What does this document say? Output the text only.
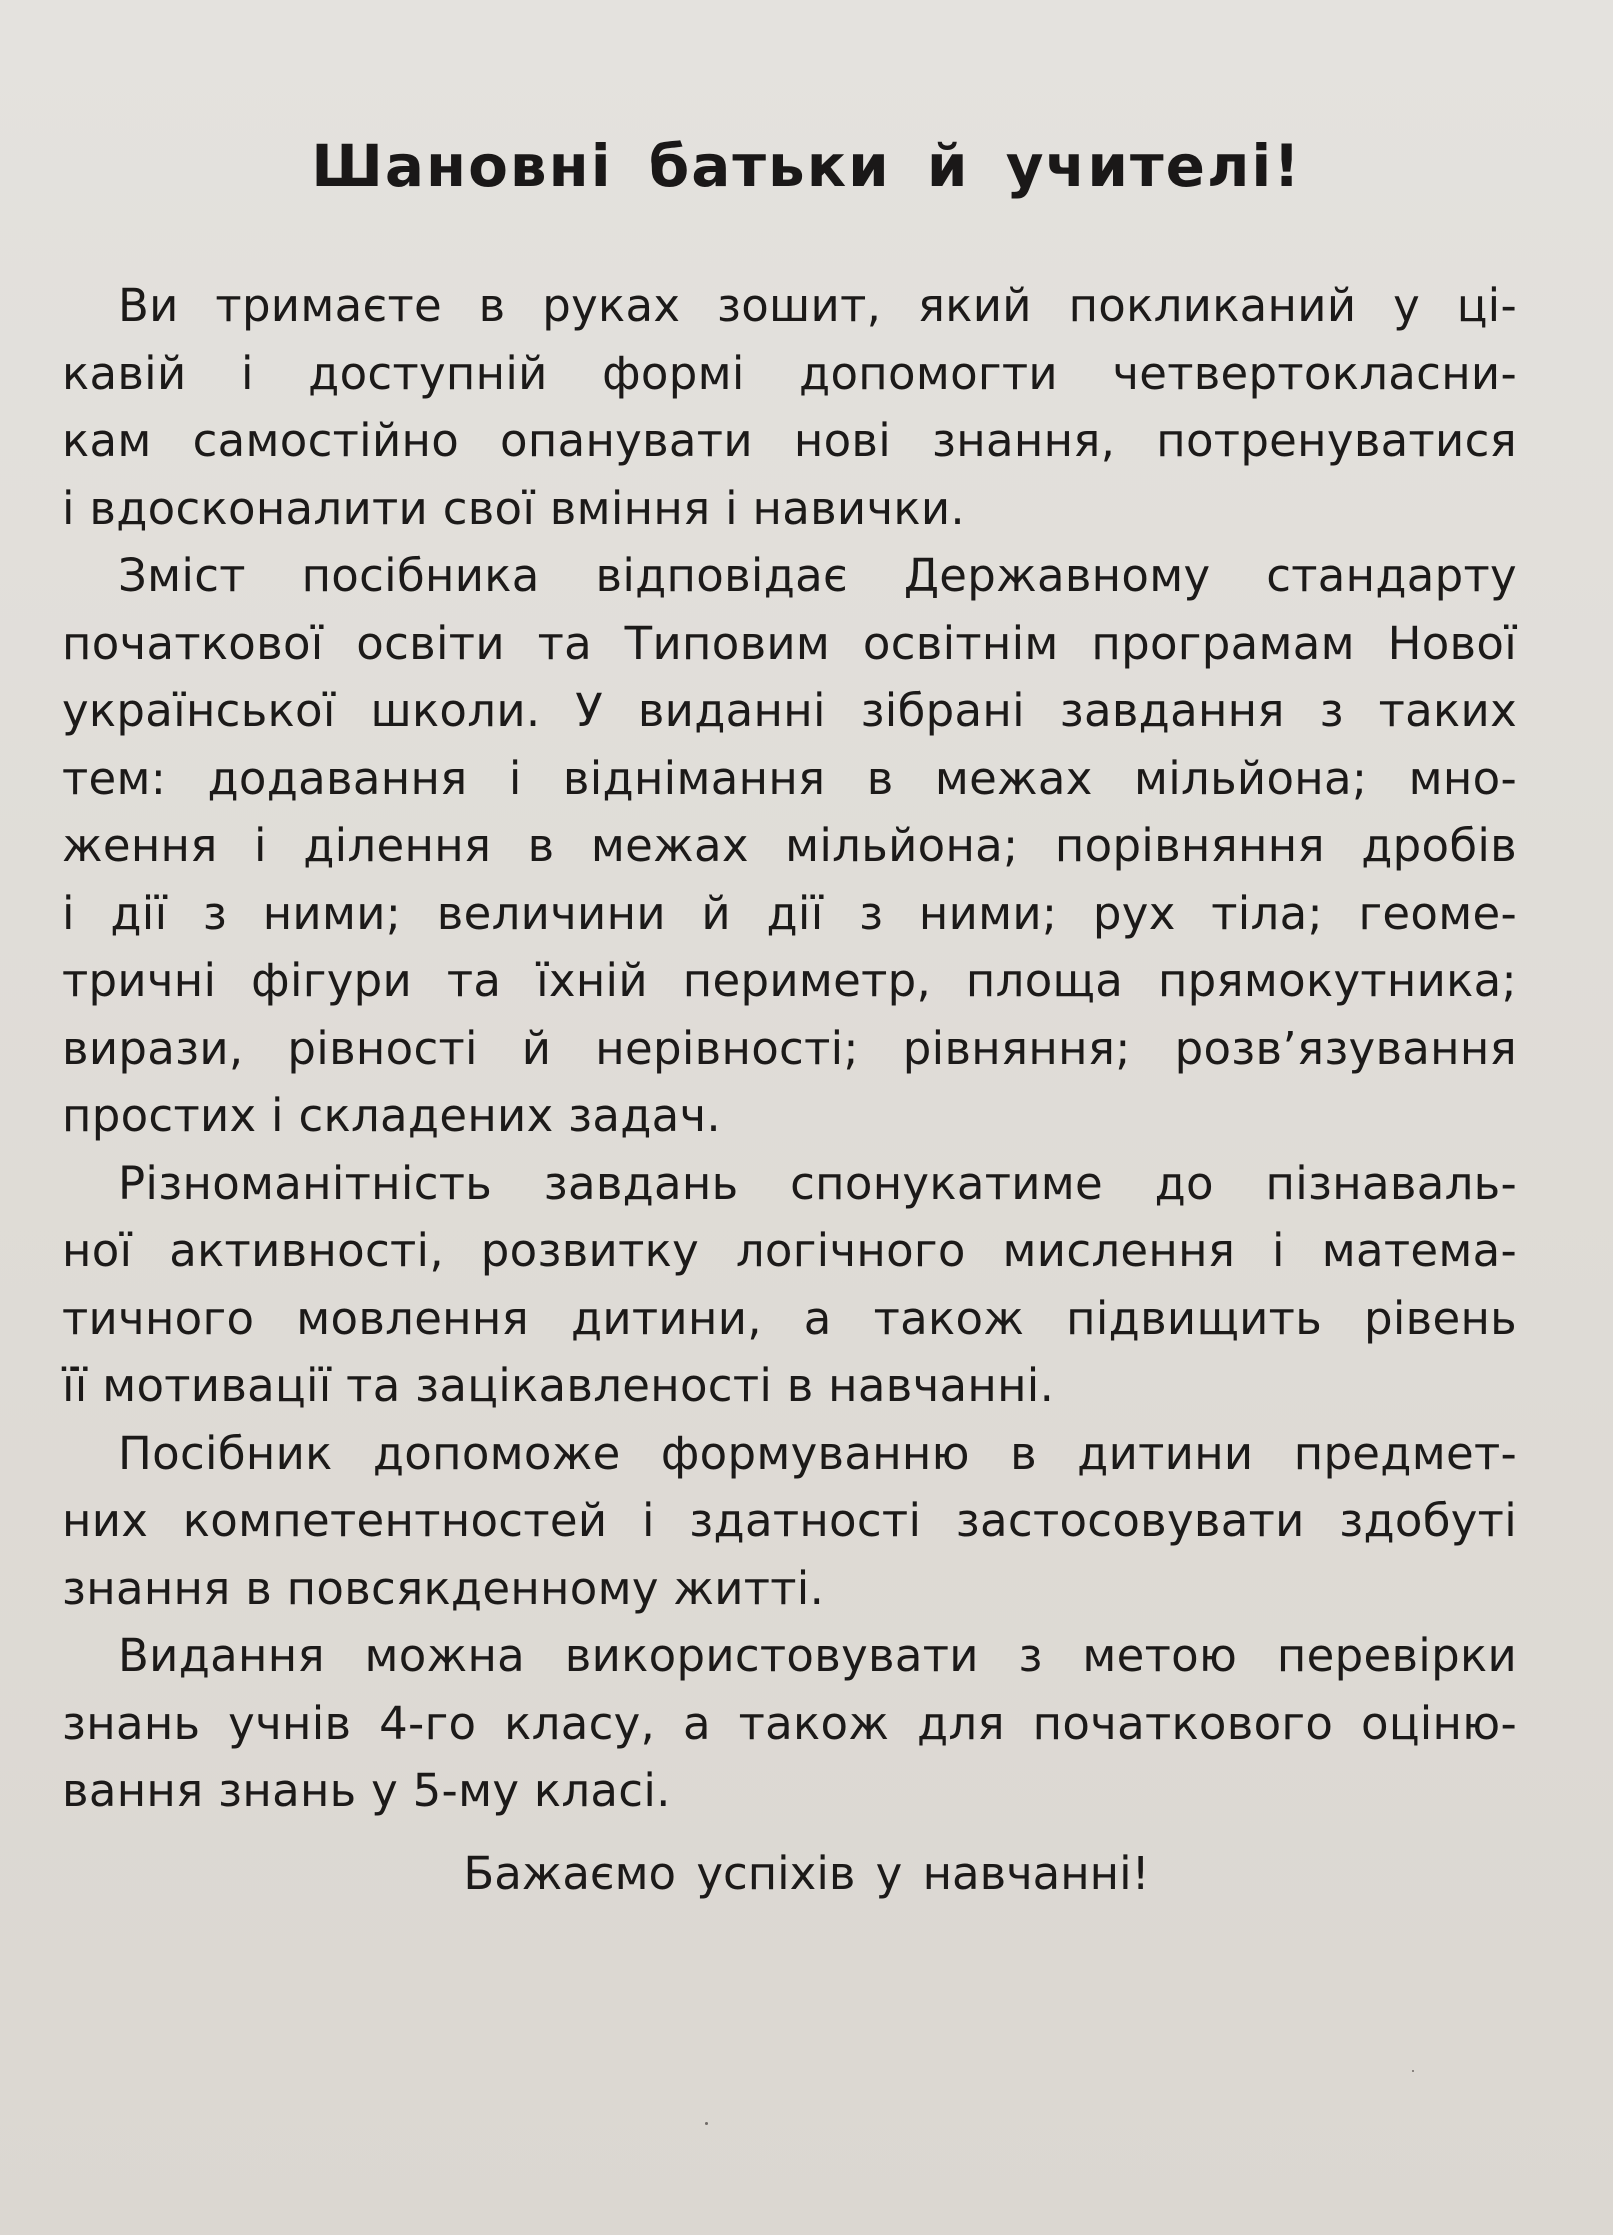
Шановні батьки й учителі!

Ви тримаєте в руках зошит, який покликаний у ці-
кавій і доступній формі допомогти четвертокласни-
кам самостійно опанувати нові знання, потренуватися
і вдосконалити свої вміння і навички.

Зміст посібника відповідає Державному стандарту
початкової освіти та Типовим освітнім програмам Нової
української школи. У виданні зібрані завдання з таких
тем: додавання і віднімання в межах мільйона; мно-
ження і ділення в межах мільйона; порівняння дробів
і дії з ними; величини й дії з ними; рух тіла; геоме-
тричні фігури та їхній периметр, площа прямокутника;
вирази, рівності й нерівності; рівняння; розв’язування
простих і складених задач.

Різноманітність завдань спонукатиме до пізнаваль-
ної активності, розвитку логічного мислення і матема-
тичного мовлення дитини, а також підвищить рівень
її мотивації та зацікавленості в навчанні.

Посібник допоможе формуванню в дитини предмет-
них компетентностей і здатності застосовувати здобуті
знання в повсякденному житті.

Видання можна використовувати з метою перевірки
знань учнів 4-го класу, а також для початкового оціню-
вання знань у 5-му класі.

Бажаємо успіхів у навчанні!
